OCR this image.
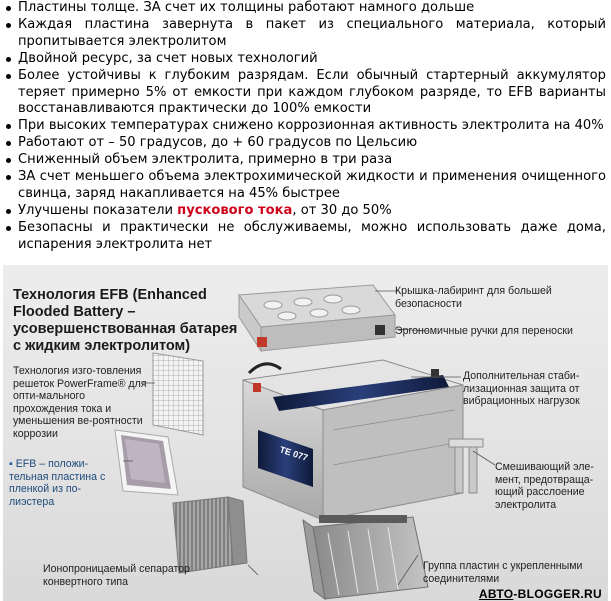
Пластины толще. ЗА счет их толщины работают намного дольше
Каждая пластина завернута в пакет из специального материала, который пропитывается электролитом
Двойной ресурс, за счет новых технологий
Более устойчивы к глубоким разрядам. Если обычный стартерный аккумулятор теряет примерно 5% от емкости при каждом глубоком разряде, то EFB варианты восстанавливаются практически до 100% емкости
При высоких температурах снижено коррозионная активность электролита на 40%
Работают от – 50 градусов, до + 60 градусов по Цельсию
Сниженный объем электролита, примерно в три раза
ЗА счет меньшего объема электрохимической жидкости и применения очищенного свинца, заряд накапливается на 45% быстрее
Улучшены показатели пускового тока, от 30 до 50%
Безопасны и практически не обслуживаемы, можно использовать даже дома, испарения электролита нет
TE 077
Технология EFB (Enhanced Flooded Battery – усовершенствованная батарея с жидким электролитом)
Крышка-лабиринт для большей безопасности
Эргономичные ручки для переноски
Дополнительная стаби-лизационная защита от вибрационных нагрузок
Технология изго-товления решеток PowerFrame® для опти-мального прохождения тока и уменьшения ве-роятности коррозии
▪ EFB – положи-тельная пластина с пленкой из по-лиэстера
Смешивающий эле-мент, предотвраща-ющий расслоение электролита
Ионопроницаемый сепаратор конвертного типа
Группа пластин с укрепленными соединителями
АВТО-BLOGGER.RU
